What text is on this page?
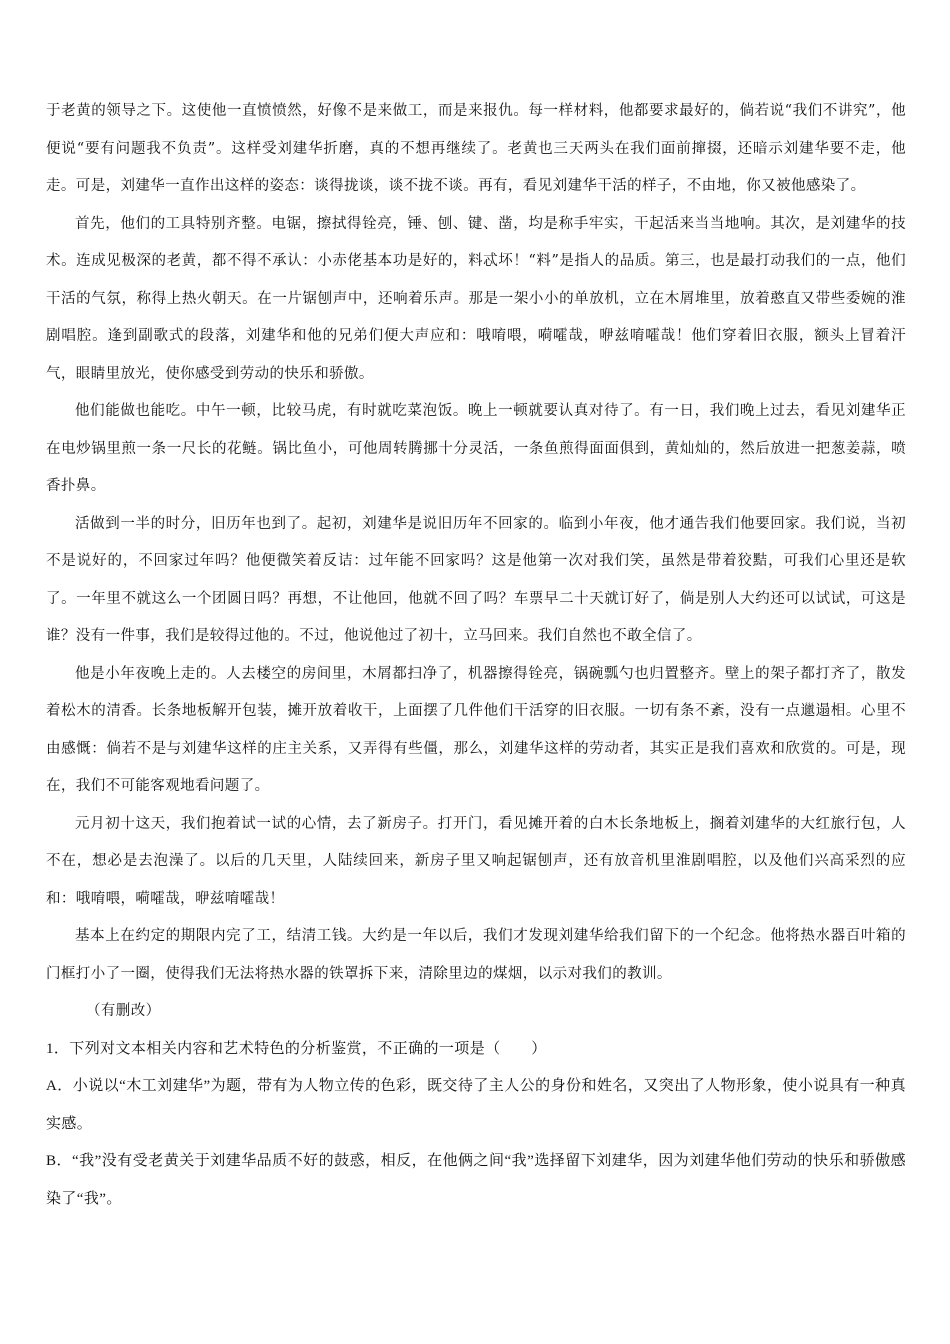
于老黄的领导之下。这使他一直愤愤然，好像不是来做工，而是来报仇。每一样材料，他都要求最好的，倘若说“我们不讲究”，他便说“要有问题我不负责”。这样受刘建华折磨，真的不想再继续了。老黄也三天两头在我们面前撺掇，还暗示刘建华要不走，他走。可是，刘建华一直作出这样的姿态：谈得拢谈，谈不拢不谈。再有，看见刘建华干活的样子，不由地，你又被他感染了。

首先，他们的工具特别齐整。电锯，擦拭得铨亮，锤、刨、键、凿，均是称手牢实，干起活来当当地响。其次，是刘建华的技术。连成见极深的老黄，都不得不承认：小赤佬基本功是好的，料忒坏！“料”是指人的品质。第三，也是最打动我们的一点，他们干活的气氛，称得上热火朝天。在一片锯刨声中，还响着乐声。那是一架小小的单放机，立在木屑堆里，放着憨直又带些委婉的淮剧唱腔。逢到副歌式的段落，刘建华和他的兄弟们便大声应和：哦唷喂，嗬嚯哉，咿兹唷嚯哉！他们穿着旧衣服，额头上冒着汗气，眼睛里放光，使你感受到劳动的快乐和骄傲。

他们能做也能吃。中午一顿，比较马虎，有时就吃菜泡饭。晚上一顿就要认真对待了。有一日，我们晚上过去，看见刘建华正在电炒锅里煎一条一尺长的花鲢。锅比鱼小，可他周转腾挪十分灵活，一条鱼煎得面面俱到，黄灿灿的，然后放进一把葱姜蒜，喷香扑鼻。

活做到一半的时分，旧历年也到了。起初，刘建华是说旧历年不回家的。临到小年夜，他才通告我们他要回家。我们说，当初不是说好的，不回家过年吗？他便微笑着反诘：过年能不回家吗？这是他第一次对我们笑，虽然是带着狡黠，可我们心里还是软了。一年里不就这么一个团圆日吗？再想，不让他回，他就不回了吗？车票早二十天就订好了，倘是别人大约还可以试试，可这是谁？没有一件事，我们是较得过他的。不过，他说他过了初十，立马回来。我们自然也不敢全信了。

他是小年夜晚上走的。人去楼空的房间里，木屑都扫净了，机器擦得铨亮，锅碗瓢勺也归置整齐。壁上的架子都打齐了，散发着松木的清香。长条地板解开包装，摊开放着收干，上面摆了几件他们干活穿的旧衣服。一切有条不紊，没有一点邋遢相。心里不由感慨：倘若不是与刘建华这样的庄主关系，又弄得有些僵，那么，刘建华这样的劳动者，其实正是我们喜欢和欣赏的。可是，现在，我们不可能客观地看问题了。

元月初十这天，我们抱着试一试的心情，去了新房子。打开门，看见摊开着的白木长条地板上，搁着刘建华的大红旅行包，人不在，想必是去泡澡了。以后的几天里，人陆续回来，新房子里又响起锯刨声，还有放音机里淮剧唱腔，以及他们兴高采烈的应和：哦唷喂，嗬嚯哉，咿兹唷嚯哉！

基本上在约定的期限内完了工，结清工钱。大约是一年以后，我们才发现刘建华给我们留下的一个纪念。他将热水器百叶箱的门框打小了一圈，使得我们无法将热水器的铁罩拆下来，清除里边的煤烟，以示对我们的教训。

（有删改）

1．下列对文本相关内容和艺术特色的分析鉴赏，不正确的一项是（　　）

A．小说以“木工刘建华”为题，带有为人物立传的色彩，既交待了主人公的身份和姓名，又突出了人物形象，使小说具有一种真实感。

B．“我”没有受老黄关于刘建华品质不好的鼓惑，相反，在他俩之间“我”选择留下刘建华，因为刘建华他们劳动的快乐和骄傲感染了“我”。
